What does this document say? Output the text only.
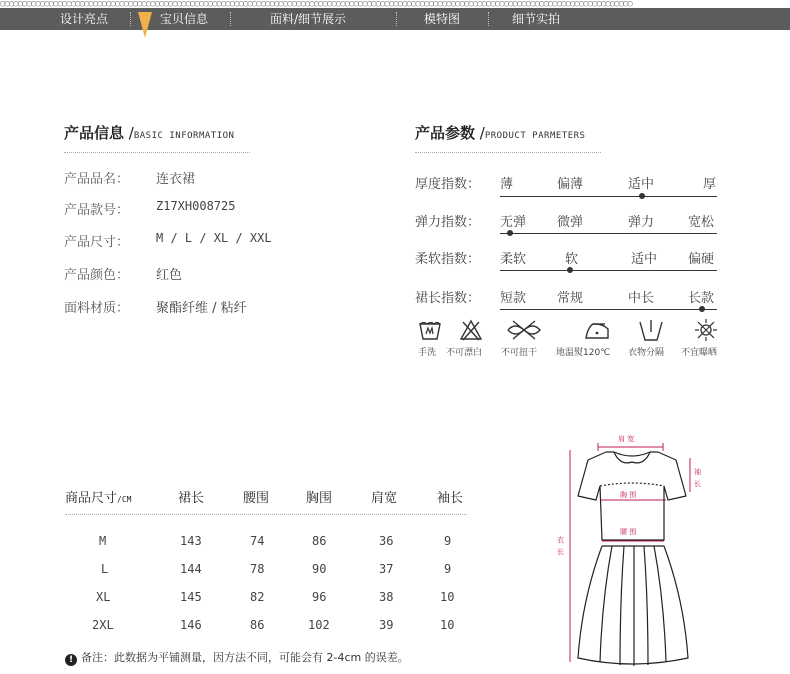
○○○○○○○○○○○○○○○○○○○○○○○○○○○○○○○○○○○○○○○○○○○○○○○○○○○○○○○○○○○○○○○○○○○○○○○○○○○○○○○○○○○○○○○○○○○○○○○○○○○○○○○○○○○○○○○○○○○○○○○○○○○○○○○○○○○○○○○○○○○○○○○
设计亮点	宝贝信息	面料/细节展示	模特图	细节实拍
产品信息 /BASIC INFORMATION
产品品名： 连衣裙
产品款号： Z17XH008725
产品尺寸： M / L / XL / XXL
产品颜色： 红色
面料材质： 聚酯纤维 / 粘纤
产品参数 /PRODUCT PARMETERS
厚度指数： 薄	偏薄	适中	厚
弹力指数： 无弹 微弹	弹力	宽松
柔软指数： 柔软	软	适中 偏硬
裙长指数： 短款 常规	中长	长款
手洗 不可漂白 不可扭干 地温熨120℃ 衣物分隔 不宜曝晒
商品尺寸/CM	裙长	腰围	胸围	肩宽	袖长
M	143	74	86	36	9
L	144	78	90	37	9
XL	145	82	96	38	10
2XL	146	86	102	39	10
! 备注：此数据为平铺测量，因方法不同，可能会有 2-4cm 的误差。
肩 宽
袖
长
衣
长
胸 围
腰 围
